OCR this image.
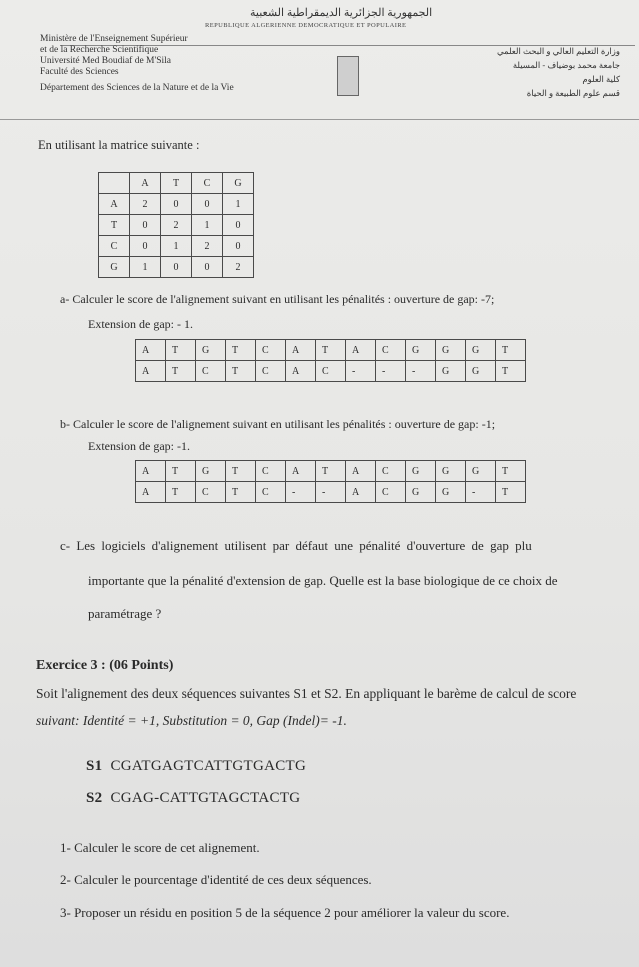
الجمهورية الجزائرية الديمقراطية الشعبية
REPUBLIQUE ALGERIENNE DEMOCRATIQUE ET POPULAIRE
Ministère de l'Enseignement Supérieur
et de la Recherche Scientifique
Université Med Boudiaf de M'Sila
Faculté des Sciences
Département des Sciences de la Nature et de la Vie
وزارة التعليم العالي و البحث العلمي
جامعة محمد بوضياف - المسيلة
كلية العلوم
قسم علوم الطبيعة و الحياة
En utilisant la matrice suivante :
	A	T	C	G
A	2	0	0	1
T	0	2	1	0
C	0	1	2	0
G	1	0	0	2
a- Calculer le score de l'alignement suivant en utilisant les pénalités : ouverture de gap: -7;
Extension de gap: - 1.
A	T	G	T	C	A	T	A	C	G	G	G	T
A	T	C	T	C	A	C	-	-	-	G	G	T
b- Calculer le score de l'alignement suivant en utilisant les pénalités : ouverture de gap: -1;
Extension de gap: -1.
A	T	G	T	C	A	T	A	C	G	G	G	T
A	T	C	T	C	-	-	A	C	G	G	-	T
c- Les logiciels d'alignement utilisent par défaut une pénalité d'ouverture de gap plu
importante que la pénalité d'extension de gap. Quelle est la base biologique de ce choix de
paramétrage ?
Exercice 3 : (06 Points)
Soit l'alignement des deux séquences suivantes S1 et S2. En appliquant le barème de calcul de score
suivant: Identité = +1, Substitution = 0, Gap (Indel)= -1.
S1 CGATGAGTCATTGTGACTG
S2 CGAG-CATTGTAGCTACTG
1- Calculer le score de cet alignement.
2- Calculer le pourcentage d'identité de ces deux séquences.
3- Proposer un résidu en position 5 de la séquence 2 pour améliorer la valeur du score.
